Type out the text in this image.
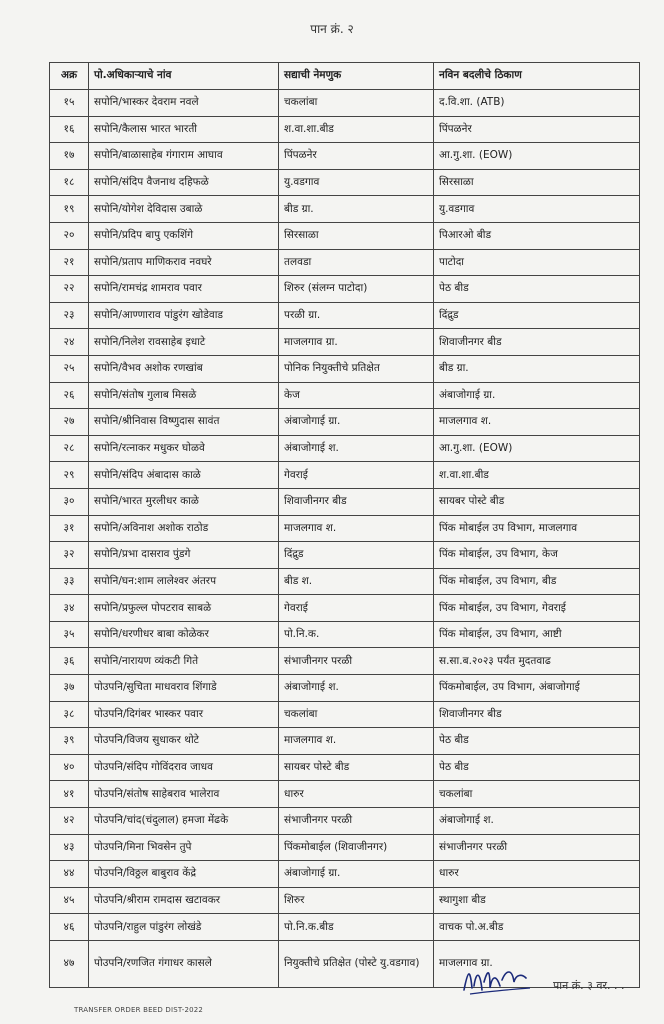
पान क्रं. २
अक्र	पो.अधिकाऱ्याचे नांव	सद्याची नेमणुक	नविन बदलीचे ठिकाण
१५	सपोनि/भास्कर देवराम नवले	चकलांबा	द.वि.शा. (ATB)
१६	सपोनि/कैलास भारत भारती	श.वा.शा.बीड	पिंपळनेर
१७	सपोनि/बाळासाहेब गंगाराम आघाव	पिंपळनेर	आ.गु.शा. (EOW)
१८	सपोनि/संदिप वैजनाथ दहिफळे	यु.वडगाव	सिरसाळा
१९	सपोनि/योगेश देविदास उबाळे	बीड ग्रा.	यु.वडगाव
२०	सपोनि/प्रदिप बापु एकशिंगे	सिरसाळा	पिआरओ बीड
२१	सपोनि/प्रताप माणिकराव नवघरे	तलवडा	पाटोदा
२२	सपोनि/रामचंद्र शामराव पवार	शिरुर (संलग्न पाटोदा)	पेठ बीड
२३	सपोनि/आण्णाराव पांडुरंग खोडेवाड	परळी ग्रा.	दिंद्रुड
२४	सपोनि/निलेश रावसाहेब इधाटे	माजलगाव ग्रा.	शिवाजीनगर बीड
२५	सपोनि/वैभव अशोक रणखांब	पोनिक नियुक्तीचे प्रतिक्षेत	बीड ग्रा.
२६	सपोनि/संतोष गुलाब मिसळे	केज	अंबाजोगाई ग्रा.
२७	सपोनि/श्रीनिवास विष्णुदास सावंत	अंबाजोगाई ग्रा.	माजलगाव श.
२८	सपोनि/रत्नाकर मधुकर घोळवे	अंबाजोगाई श.	आ.गु.शा. (EOW)
२९	सपोनि/संदिप अंबादास काळे	गेवराई	श.वा.शा.बीड
३०	सपोनि/भारत मुरलीधर काळे	शिवाजीनगर बीड	सायबर पोस्टे बीड
३१	सपोनि/अविनाश अशोक राठोड	माजलगाव श.	पिंक मोबाईल उप विभाग, माजलगाव
३२	सपोनि/प्रभा दासराव पुंडगे	दिंद्रुड	पिंक मोबाईल, उप विभाग, केज
३३	सपोनि/घन:शाम लालेश्वर अंतरप	बीड श.	पिंक मोबाईल, उप विभाग, बीड
३४	सपोनि/प्रफुल्ल पोपटराव साबळे	गेवराई	पिंक मोबाईल, उप विभाग, गेवराई
३५	सपोनि/धरणीधर बाबा कोळेकर	पो.नि.क.	पिंक मोबाईल, उप विभाग, आष्टी
३६	सपोनि/नारायण व्यंकटी गिते	संभाजीनगर परळी	स.सा.ब.२०२३ पर्यंत मुदतवाढ
३७	पोउपनि/सुचिता माधवराव शिंगाडे	अंबाजोगाई श.	पिंकमोबाईल, उप विभाग, अंबाजोगाई
३८	पोउपनि/दिगंबर भास्कर पवार	चकलांबा	शिवाजीनगर बीड
३९	पोउपनि/विजय सुधाकर थोटे	माजलगाव श.	पेठ बीड
४०	पोउपनि/संदिप गोविंदराव जाधव	सायबर पोस्टे बीड	पेठ बीड
४१	पोउपनि/संतोष साहेबराव भालेराव	धारुर	चकलांबा
४२	पोउपनि/चांद(चंदुलाल) हमजा मेंढके	संभाजीनगर परळी	अंबाजोगाई श.
४३	पोउपनि/मिना भिवसेन तुपे	पिंकमोबाईल (शिवाजीनगर)	संभाजीनगर परळी
४४	पोउपनि/विठ्ठल बाबुराव केंद्रे	अंबाजोगाई ग्रा.	धारुर
४५	पोउपनि/श्रीराम रामदास खटावकर	शिरुर	स्थागुशा बीड
४६	पोउपनि/राहुल पांडुरंग लोखंडे	पो.नि.क.बीड	वाचक पो.अ.बीड
४७	पोउपनि/रणजित गंगाधर कासले	नियुक्तीचे प्रतिक्षेत (पोस्टे यु.वडगाव)	माजलगाव ग्रा.
पान क्रं. ३ वर. . .
TRANSFER ORDER BEED DIST-2022
